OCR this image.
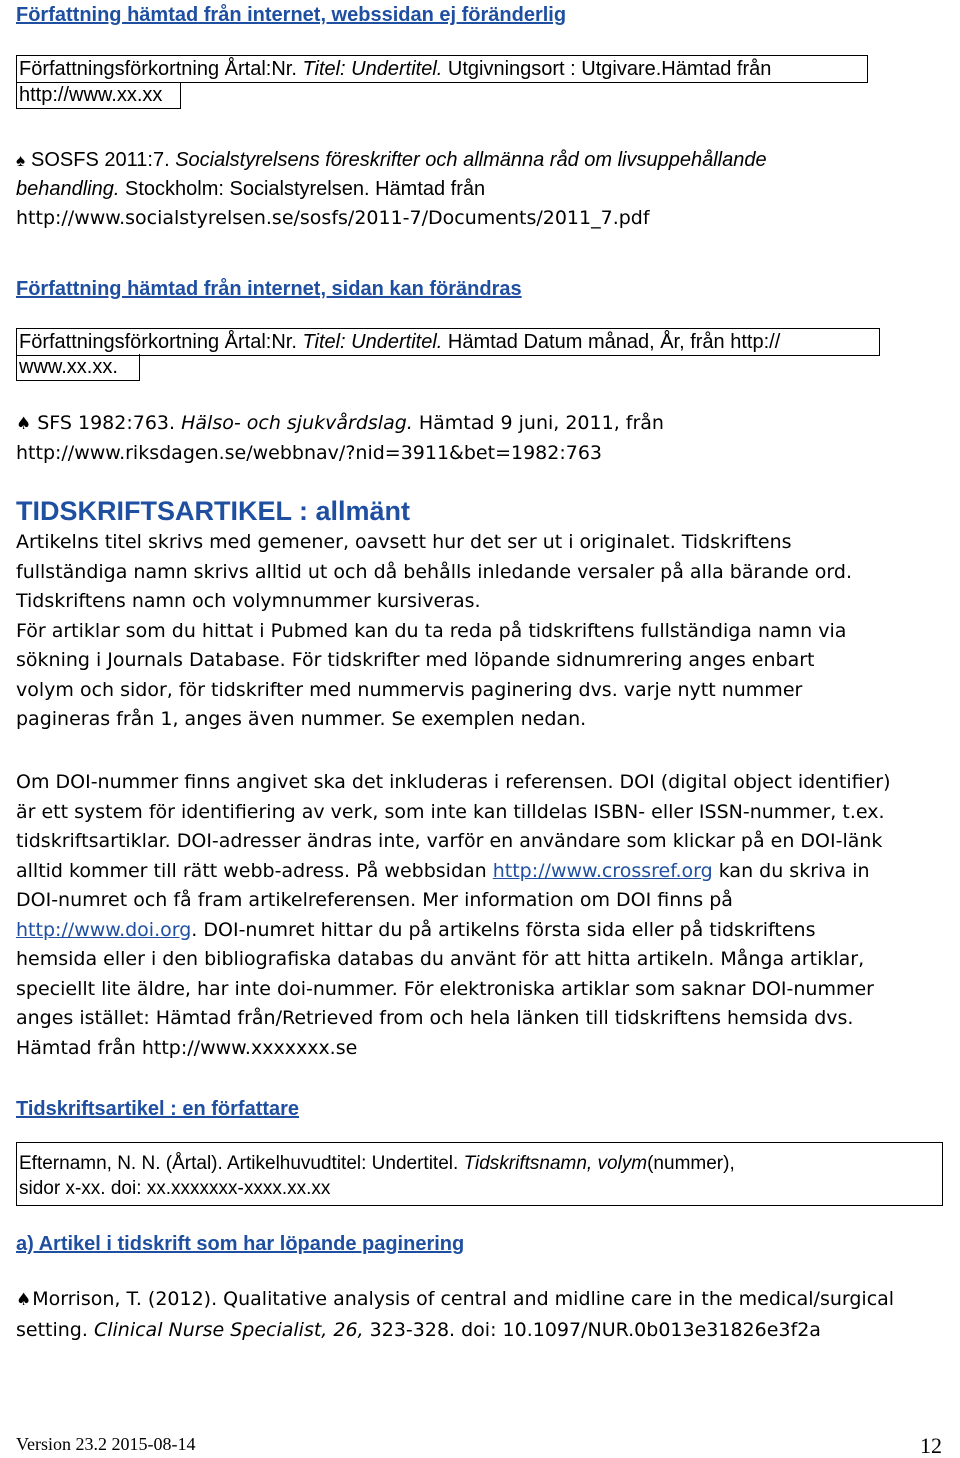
Författning hämtad från internet, webssidan ej föränderlig
Författningsförkortning Årtal:Nr. Titel: Undertitel. Utgivningsort : Utgivare.Hämtad från
http://www.xx.xx
♠ SOSFS 2011:7. Socialstyrelsens föreskrifter och allmänna råd om livsuppehållande
behandling. Stockholm: Socialstyrelsen. Hämtad från
http://www.socialstyrelsen.se/sosfs/2011-7/Documents/2011_7.pdf
Författning hämtad från internet, sidan kan förändras
Författningsförkortning Årtal:Nr. Titel: Undertitel. Hämtad Datum månad, År, från http://
www.xx.xx.
♠ SFS 1982:763. Hälso- och sjukvårdslag. Hämtad 9 juni, 2011, från
http://www.riksdagen.se/webbnav/?nid=3911&bet=1982:763
TIDSKRIFTSARTIKEL : allmänt
Artikelns titel skrivs med gemener, oavsett hur det ser ut i originalet. Tidskriftens
fullständiga namn skrivs alltid ut och då behålls inledande versaler på alla bärande ord.
Tidskriftens namn och volymnummer kursiveras.
För artiklar som du hittat i Pubmed kan du ta reda på tidskriftens fullständiga namn via
sökning i Journals Database. För tidskrifter med löpande sidnumrering anges enbart
volym och sidor, för tidskrifter med nummervis paginering dvs. varje nytt nummer
pagineras från 1, anges även nummer. Se exemplen nedan.
Om DOI-nummer finns angivet ska det inkluderas i referensen. DOI (digital object identifier)
är ett system för identifiering av verk, som inte kan tilldelas ISBN- eller ISSN-nummer, t.ex.
tidskriftsartiklar. DOI-adresser ändras inte, varför en användare som klickar på en DOI-länk
alltid kommer till rätt webb-adress. På webbsidan http://www.crossref.org kan du skriva in
DOI-numret och få fram artikelreferensen. Mer information om DOI finns på
http://www.doi.org. DOI-numret hittar du på artikelns första sida eller på tidskriftens
hemsida eller i den bibliografiska databas du använt för att hitta artikeln. Många artiklar,
speciellt lite äldre, har inte doi-nummer. För elektroniska artiklar som saknar DOI-nummer
anges istället: Hämtad från/Retrieved from och hela länken till tidskriftens hemsida dvs.
Hämtad från http://www.xxxxxxx.se
Tidskriftsartikel : en författare
Efternamn, N. N. (Årtal). Artikelhuvudtitel: Undertitel. Tidskriftsnamn, volym(nummer),
sidor x-xx. doi: xx.xxxxxxx-xxxx.xx.xx
a) Artikel i tidskrift som har löpande paginering
♠Morrison, T. (2012). Qualitative analysis of central and midline care in the medical/surgical
setting. Clinical Nurse Specialist, 26, 323-328. doi: 10.1097/NUR.0b013e31826e3f2a
Version 23.2 2015-08-14	12
